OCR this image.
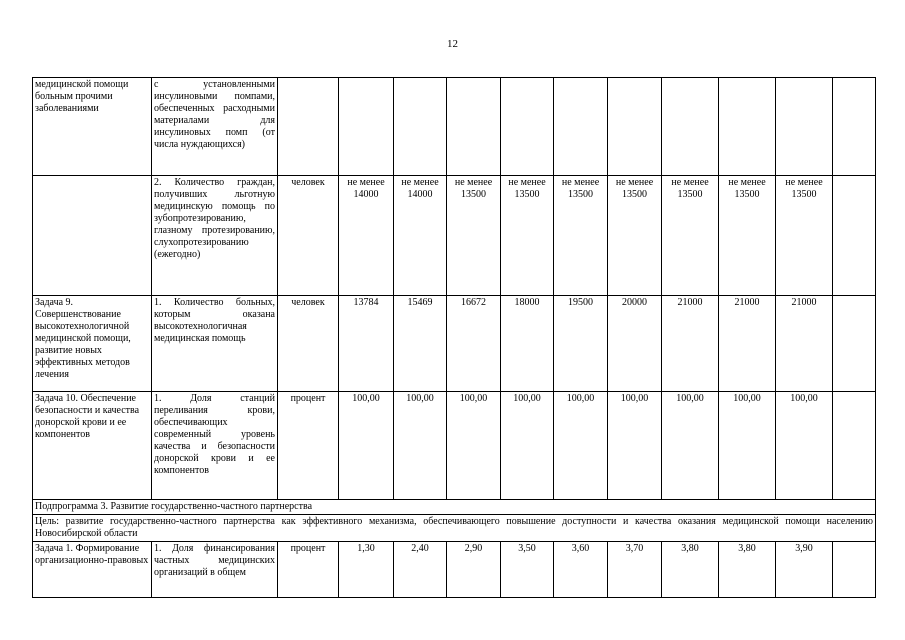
12
медицинской помощи больным прочими заболеваниями	с установленными инсулиновыми помпами, обеспеченных расходными материалами для инсулиновых помп (от числа нуждающихся)											
	2. Количество граждан, получивших льготную медицинскую помощь по зубопротезированию, глазному протезированию, слухопротезированию (ежегодно)	человек	не менее 14000	не менее 14000	не менее 13500	не менее 13500	не менее 13500	не менее 13500	не менее 13500	не менее 13500	не менее 13500	
Задача 9. Совершенствование высокотехнологичной медицинской помощи, развитие новых эффективных методов лечения	1. Количество больных, которым оказана высокотехнологичная медицинская помощь	человек	13784	15469	16672	18000	19500	20000	21000	21000	21000	
Задача 10. Обеспечение безопасности и качества донорской крови и ее компонентов	1. Доля станций переливания крови, обеспечивающих современный уровень качества и безопасности донорской крови и ее компонентов	процент	100,00	100,00	100,00	100,00	100,00	100,00	100,00	100,00	100,00	
Подпрограмма 3. Развитие государственно-частного партнерства												
Цель: развитие государственно-частного партнерства как эффективного механизма, обеспечивающего повышение доступности и качества оказания медицинской помощи населению Новосибирской области												
Задача 1. Формирование организационно-правовых	1. Доля финансирования частных медицинских организаций в общем	процент	1,30	2,40	2,90	3,50	3,60	3,70	3,80	3,80	3,90	
